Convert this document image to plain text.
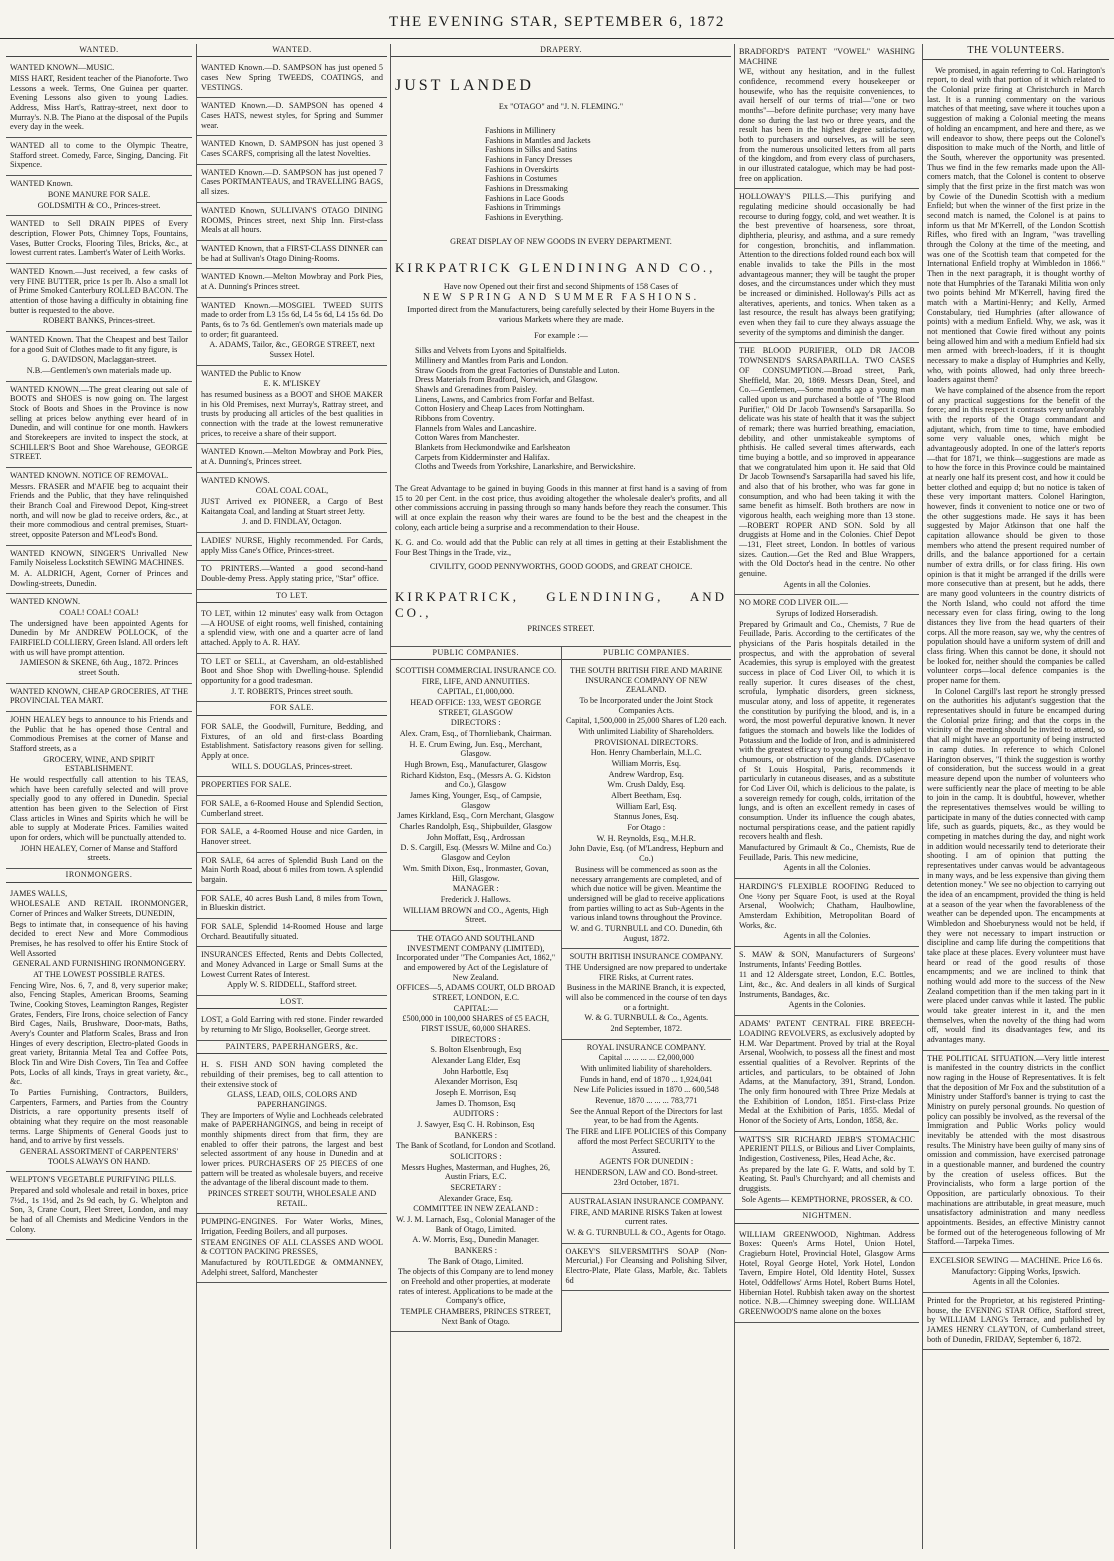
THE EVENING STAR, SEPTEMBER 6, 1872
WANTED.

WANTED KNOWN—MUSIC.

MISS HART, Resident teacher of the Pianoforte. Two Lessons a week. Terms, One Guinea per quarter. Evening Lessons also given to young Ladies. Address, Miss Hart's, Rattray-street, next door to Murray's. N.B. The Piano at the disposal of the Pupils every day in the week.

WANTED all to come to the Olympic Theatre, Stafford street. Comedy, Farce, Singing, Dancing. Fit Sixpence.

WANTED Known.

BONE MANURE FOR SALE.

GOLDSMITH & CO., Princes-street.

WANTED to Sell DRAIN PIPES of Every description, Flower Pots, Chimney Tops, Fountains, Vases, Butter Crocks, Flooring Tiles, Bricks, &c., at lowest current rates. Lambert's Water of Leith Works.

WANTED Known.—Just received, a few casks of very FINE BUTTER, price 1s per lb. Also a small lot of Prime Smoked Canterbury ROLLED BACON. The attention of those having a difficulty in obtaining fine butter is requested to the above.

ROBERT BANKS, Princes-street.

WANTED Known. That the Cheapest and best Tailor for a good Suit of Clothes made to fit any figure, is

G. DAVIDSON, Maclaggan-street.

N.B.—Gentlemen's own materials made up.

WANTED KNOWN.—The great clearing out sale of BOOTS and SHOES is now going on. The largest Stock of Boots and Shoes in the Province is now selling at prices below anything ever heard of in Dunedin, and will continue for one month. Hawkers and Storekeepers are invited to inspect the stock, at SCHILLER'S Boot and Shoe Warehouse, GEORGE STREET.

WANTED KNOWN. NOTICE OF REMOVAL.

Messrs. FRASER and M'AFIE beg to acquaint their Friends and the Public, that they have relinquished their Branch Coal and Firewood Depot, King-street north, and will now be glad to receive orders, &c., at their more commodious and central premises, Stuart-street, opposite Paterson and M'Leod's Bond.

WANTED KNOWN, SINGER'S Unrivalled New Family Noiseless Lockstitch SEWING MACHINES.

M. A. ALDRICH, Agent, Corner of Princes and Dowling-streets, Dunedin.

WANTED KNOWN.

COAL! COAL! COAL!

The undersigned have been appointed Agents for Dunedin by Mr ANDREW POLLOCK, of the FAIRFIELD COLLIERY, Green Island. All orders left with us will have prompt attention.

JAMIESON & SKENE, 6th Aug., 1872. Princes street South.

WANTED KNOWN, CHEAP GROCERIES, AT THE PROVINCIAL TEA MART.

JOHN HEALEY begs to announce to his Friends and the Public that he has opened those Central and Commodious Premises at the corner of Manse and Stafford streets, as a

GROCERY, WINE, AND SPIRIT ESTABLISHMENT.

He would respectfully call attention to his TEAS, which have been carefully selected and will prove specially good to any offered in Dunedin. Special attention has been given to the Selection of First Class articles in Wines and Spirits which he will be able to supply at Moderate Prices. Families waited upon for orders, which will be punctually attended to.

JOHN HEALEY, Corner of Manse and Stafford streets.

IRONMONGERS.

JAMES WALLS,

WHOLESALE AND RETAIL IRONMONGER, Corner of Princes and Walker Streets, DUNEDIN,

Begs to intimate that, in consequence of his having decided to erect New and More Commodious Premises, he has resolved to offer his Entire Stock of Well Assorted

GENERAL AND FURNISHING IRONMONGERY.

AT THE LOWEST POSSIBLE RATES.

Fencing Wire, Nos. 6, 7, and 8, very superior make; also, Fencing Staples, American Brooms, Seaming Twine, Cooking Stoves, Leamington Ranges, Register Grates, Fenders, Fire Irons, choice selection of Fancy Bird Cages, Nails, Brushware, Door-mats, Baths, Avery's Counter and Platform Scales, Brass and Iron Hinges of every description, Electro-plated Goods in great variety, Britannia Metal Tea and Coffee Pots, Block Tin and Wire Dish Covers, Tin Tea and Coffee Pots, Locks of all kinds, Trays in great variety, &c., &c.

To Parties Furnishing, Contractors, Builders, Carpenters, Farmers, and Parties from the Country Districts, a rare opportunity presents itself of obtaining what they require on the most reasonable terms. Large Shipments of General Goods just to hand, and to arrive by first vessels.

GENERAL ASSORTMENT of CARPENTERS' TOOLS ALWAYS ON HAND.

WELPTON'S VEGETABLE PURIFYING PILLS.

Prepared and sold wholesale and retail in boxes, price 7½d., 1s 1½d, and 2s 9d each, by G. Whelpton and Son, 3, Crane Court, Fleet Street, London, and may be had of all Chemists and Medicine Vendors in the Colony.

WANTED.

WANTED Known.—D. SAMPSON has just opened 5 cases New Spring TWEEDS, COATINGS, and VESTINGS.

WANTED Known.—D. SAMPSON has opened 4 Cases HATS, newest styles, for Spring and Summer wear.

WANTED Known, D. SAMPSON has just opened 3 Cases SCARFS, comprising all the latest Novelties.

WANTED Known.—D. SAMPSON has just opened 7 Cases PORTMANTEAUS, and TRAVELLING BAGS, all sizes.

WANTED Known, SULLIVAN'S OTAGO DINING ROOMS, Princes street, next Ship Inn. First-class Meals at all hours.

WANTED Known, that a FIRST-CLASS DINNER can be had at Sullivan's Otago Dining-Rooms.

WANTED Known.—Melton Mowbray and Pork Pies, at A. Dunning's Princes street.

WANTED Known.—MOSGIEL TWEED SUITS made to order from L3 15s 6d, L4 5s 6d, L4 15s 6d. Do Pants, 6s to 7s 6d. Gentlemen's own materials made up to order; fit guaranteed.

A. ADAMS, Tailor, &c., GEORGE STREET, next Sussex Hotel.

WANTED the Public to Know

E. K. M'LISKEY

has resumed business as a BOOT and SHOE MAKER in his Old Premises, next Murray's, Rattray street, and trusts by producing all articles of the best qualities in connection with the trade at the lowest remunerative prices, to receive a share of their support.

WANTED Known.—Melton Mowbray and Pork Pies, at A. Dunning's, Princes street.

WANTED KNOWS.

COAL COAL COAL,

JUST Arrived ex PIONEER, a Cargo of Best Kaitangata Coal, and landing at Stuart street Jetty.

J. and D. FINDLAY, Octagon.

LADIES' NURSE, Highly recommended. For Cards, apply Miss Cane's Office, Princes-street.

TO PRINTERS.—Wanted a good second-hand Double-demy Press. Apply stating price, "Star" office.

TO LET.

TO LET, within 12 minutes' easy walk from Octagon—A HOUSE of eight rooms, well finished, containing a splendid view, with one and a quarter acre of land attached. Apply to A. R. HAY.

TO LET or SELL, at Caversham, an old-established Boot and Shoe Shop with Dwelling-house. Splendid opportunity for a good tradesman.

J. T. ROBERTS, Princes street south.

FOR SALE.

FOR SALE, the Goodwill, Furniture, Bedding, and Fixtures, of an old and first-class Boarding Establishment. Satisfactory reasons given for selling. Apply at once.

WILL S. DOUGLAS, Princes-street.

PROPERTIES FOR SALE.

FOR SALE, a 6-Roomed House and Splendid Section, Cumberland street.

FOR SALE, a 4-Roomed House and nice Garden, in Hanover street.

FOR SALE, 64 acres of Splendid Bush Land on the Main North Road, about 6 miles from town. A splendid bargain.

FOR SALE, 40 acres Bush Land, 8 miles from Town, in Blueskin district.

FOR SALE, Splendid 14-Roomed House and large Orchard. Beautifully situated.

INSURANCES Effected, Rents and Debts Collected, and Money Advanced in Large or Small Sums at the Lowest Current Rates of Interest.

Apply W. S. RIDDELL, Stafford street.

LOST.

LOST, a Gold Earring with red stone. Finder rewarded by returning to Mr Sligo, Bookseller, George street.

PAINTERS, PAPERHANGERS, &c.

H. S. FISH AND SON having completed the rebuilding of their premises, beg to call attention to their extensive stock of

GLASS, LEAD, OILS, COLORS AND PAPERHANGINGS.

They are Importers of Wylie and Lochheads celebrated make of PAPERHANGINGS, and being in receipt of monthly shipments direct from that firm, they are enabled to offer their patrons, the largest and best selected assortment of any house in Dunedin and at lower prices. PURCHASERS OF 25 PIECES of one pattern will be treated as wholesale buyers, and receive the advantage of the liberal discount made to them.

PRINCES STREET SOUTH, WHOLESALE AND RETAIL.

PUMPING-ENGINES. For Water Works, Mines, Irrigation, Feeding Boilers, and all purposes.

STEAM ENGINES OF ALL CLASSES AND WOOL & COTTON PACKING PRESSES,

Manufactured by ROUTLEDGE & OMMANNEY, Adelphi street, Salford, Manchester

DRAPERY.

JUST LANDED

Ex "OTAGO" and "J. N. FLEMING."

Fashions in Millinery
Fashions in Mantles and Jackets
Fashions in Silks and Satins
Fashions in Fancy Dresses
Fashions in Overskirts
Fashions in Costumes
Fashions in Dressmaking
Fashions in Lace Goods
Fashions in Trimmings
Fashions in Everything.

GREAT DISPLAY OF NEW GOODS IN EVERY DEPARTMENT.

KIRKPATRICK GLENDINING AND CO.,

Have now Opened out their first and second Shipments of 158 Cases of

NEW SPRING AND SUMMER FASHIONS.

Imported direct from the Manufacturers, being carefully selected by their Home Buyers in the various Markets where they are made.

For example :—

Silks and Velvets from Lyons and Spitalfields.
Millinery and Mantles from Paris and London.
Straw Goods from the great Factories of Dunstable and Luton.
Dress Materials from Bradford, Norwich, and Glasgow.
Shawls and Grenadines from Paisley.
Linens, Lawns, and Cambrics from Forfar and Belfast.
Cotton Hosiery and Cheap Laces from Nottingham.
Ribbons from Coventry.
Flannels from Wales and Lancashire.
Cotton Wares from Manchester.
Blankets from Heckmondwike and Earlsheaton
Carpets from Kidderminster and Halifax.
Cloths and Tweeds from Yorkshire, Lanarkshire, and Berwickshire.

The Great Advantage to be gained in buying Goods in this manner at first hand is a saving of from 15 to 20 per Cent. in the cost price, thus avoiding altogether the wholesale dealer's profits, and all other commissions accruing in passing through so many hands before they reach the consumer. This will at once explain the reason why their wares are found to be the best and the cheapest in the colony, each article being a surprise and a recommendation to their House.

K. G. and Co. would add that the Public can rely at all times in getting at their Establishment the Four Best Things in the Trade, viz.,

CIVILITY, GOOD PENNYWORTHS, GOOD GOODS, and GREAT CHOICE.

KIRKPATRICK, GLENDINING, AND CO.,

PRINCES STREET.

PUBLIC COMPANIES.

SCOTTISH COMMERCIAL INSURANCE CO.

FIRE, LIFE, AND ANNUITIES.

CAPITAL, £1,000,000.

HEAD OFFICE: 133, WEST GEORGE STREET, GLASGOW

DIRECTORS :

Alex. Cram, Esq., of Thornliebank, Chairman.

H. E. Crum Ewing, Jun. Esq., Merchant, Glasgow.

Hugh Brown, Esq., Manufacturer, Glasgow

Richard Kidston, Esq., (Messrs A. G. Kidston and Co.), Glasgow

James King, Younger, Esq., of Campsie, Glasgow

James Kirkland, Esq., Corn Merchant, Glasgow

Charles Randolph, Esq., Shipbuilder, Glasgow

John Moffatt, Esq., Ardrossan

D. S. Cargill, Esq. (Messrs W. Milne and Co.) Glasgow and Ceylon

Wm. Smith Dixon, Esq., Ironmaster, Govan, Hill, Glasgow.

MANAGER :

Frederick J. Hallows.

WILLIAM BROWN and CO., Agents, High Street.

THE OTAGO AND SOUTHLAND INVESTMENT COMPANY (LIMITED), Incorporated under "The Companies Act, 1862," and empowered by Act of the Legislature of New Zealand.

OFFICES—5, ADAMS COURT, OLD BROAD STREET, LONDON, E.C.

CAPITAL:—

£500,000 in 100,000 SHARES of £5 EACH, FIRST ISSUE, 60,000 SHARES.

DIRECTORS :

S. Bolton Elsenbrough, Esq

Alexander Lang Elder, Esq

John Harbottle, Esq

Alexander Morrison, Esq

Joseph E. Morrison, Esq

James D. Thomson, Esq

AUDITORS :

J. Sawyer, Esq C. H. Robinson, Esq

BANKERS :

The Bank of Scotland, for London and Scotland.

SOLICITORS :

Messrs Hughes, Masterman, and Hughes, 26, Austin Friars, E.C.

SECRETARY :

Alexander Grace, Esq.

COMMITTEE IN NEW ZEALAND :

W. J. M. Larnach, Esq., Colonial Manager of the Bank of Otago, Limited.

A. W. Morris, Esq., Dunedin Manager.

BANKERS :

The Bank of Otago, Limited.

The objects of this Company are to lend money on Freehold and other properties, at moderate rates of interest. Applications to be made at the Company's office,

TEMPLE CHAMBERS, PRINCES STREET, Next Bank of Otago.

PUBLIC COMPANIES.

THE SOUTH BRITISH FIRE AND MARINE INSURANCE COMPANY OF NEW ZEALAND.

To be Incorporated under the Joint Stock Companies Acts.

Capital, 1,500,000 in 25,000 Shares of L20 each.

With unlimited Liability of Shareholders.

PROVISIONAL DIRECTORS.

Hon. Henry Chamberlain, M.L.C.

William Morris, Esq.

Andrew Wardrop, Esq.

Wm. Crush Daldy, Esq.

Albert Beetham, Esq.

William Earl, Esq.

Stannus Jones, Esq.

For Otago :

W. H. Reynolds, Esq., M.H.R.

John Davie, Esq. (of M'Landress, Hepburn and Co.)

Business will be commenced as soon as the necessary arrangements are completed, and of which due notice will be given. Meantime the undersigned will be glad to receive applications from parties willing to act as Sub-Agents in the various inland towns throughout the Province.

W. and G. TURNBULL and CO. Dunedin, 6th August, 1872.

SOUTH BRITISH INSURANCE COMPANY.

THE Undersigned are now prepared to undertake FIRE Risks, at Current rates.

Business in the MARINE Branch, it is expected, will also be commenced in the course of ten days or a fortnight.

W. & G. TURNBULL & Co., Agents.

2nd September, 1872.

ROYAL INSURANCE COMPANY.

Capital ... ... ... ... £2,000,000

With unlimited liability of shareholders.

Funds in hand, end of 1870 ... 1,924,041

New Life Policies issued in 1870 ... 600,548

Revenue, 1870 ... ... ... 783,771

See the Annual Report of the Directors for last year, to be had from the Agents.

The FIRE and LIFE POLICIES of this Company afford the most Perfect SECURITY to the Assured.

AGENTS FOR DUNEDIN :

HENDERSON, LAW and CO. Bond-street.

23rd October, 1871.

AUSTRALASIAN INSURANCE COMPANY.

FIRE, AND MARINE RISKS Taken at lowest current rates.

W. & G. TURNBULL & CO., Agents for Otago.

OAKEY'S SILVERSMITH'S SOAP (Non-Mercurial,) For Cleansing and Polishing Silver, Electro-Plate, Plate Glass, Marble, &c. Tablets 6d

BRADFORD'S PATENT "VOWEL" WASHING MACHINE

WE, without any hesitation, and in the fullest confidence, recommend every housekeeper or housewife, who has the requisite conveniences, to avail herself of our terms of trial—"one or two months"—before definite purchase; very many have done so during the last two or three years, and the result has been in the highest degree satisfactory, both to purchasers and ourselves, as will be seen from the numerous unsolicited letters from all parts of the kingdom, and from every class of purchasers, in our illustrated catalogue, which may be had post-free on application.

HOLLOWAY'S PILLS.—This purifying and regulating medicine should occasionally be had recourse to during foggy, cold, and wet weather. It is the best preventive of hoarseness, sore throat, diphtheria, pleurisy, and asthma, and a sure remedy for congestion, bronchitis, and inflammation. Attention to the directions folded round each box will enable invalids to take the Pills in the most advantageous manner; they will be taught the proper doses, and the circumstances under which they must be increased or diminished. Holloway's Pills act as alteratives, aperients, and tonics. When taken as a last resource, the result has always been gratifying; even when they fail to cure they always assuage the severity of the symptoms and diminish the danger.

THE BLOOD PURIFIER, OLD DR JACOB TOWNSEND'S SARSAPARILLA. TWO CASES OF CONSUMPTION.—Broad street, Park, Sheffield, Mar. 20, 1869. Messrs Dean, Steel, and Co.—Gentlemen,—Some months ago a young man called upon us and purchased a bottle of "The Blood Purifier," Old Dr Jacob Townsend's Sarsaparilla. So delicate was his state of health that it was the subject of remark; there was hurried breathing, emaciation, debility, and other unmistakeable symptoms of phthisis. He called several times afterwards, each time buying a bottle, and so improved in appearance that we congratulated him upon it. He said that Old Dr Jacob Townsend's Sarsaparilla had saved his life, and also that of his brother, who was far gone in consumption, and who had been taking it with the same benefit as himself. Both brothers are now in vigorous health, each weighing more than 13 stone.—ROBERT ROPER AND SON. Sold by all druggists at Home and in the Colonies. Chief Depot—131, Fleet street, London. In bottles of various sizes. Caution.—Get the Red and Blue Wrappers, with the Old Doctor's head in the centre. No other genuine.

Agents in all the Colonies.

NO MORE COD LIVER OIL.—

Syrups of Iodized Horseradish.

Prepared by Grimault and Co., Chemists, 7 Rue de Feuillade, Paris. According to the certificates of the physicians of the Paris hospitals detailed in the prospectus, and with the approbation of several Academies, this syrup is employed with the greatest success in place of Cod Liver Oil, to which it is really superior. It cures diseases of the chest, scrofula, lymphatic disorders, green sickness, muscular atony, and loss of appetite, it regenerates the constitution by purifying the blood, and is, in a word, the most powerful depurative known. It never fatigues the stomach and bowels like the Iodides of Potassium and the Iodide of Iron, and is administered with the greatest efficacy to young children subject to chumours, or obstruction of the glands. D'Casenave of St Louis Hospital, Paris, recommends it particularly in cutaneous diseases, and as a substitute for Cod Liver Oil, which is delicious to the palate, is a sovereign remedy for cough, colds, irritation of the lungs, and is often an excellent remedy in cases of consumption. Under its influence the cough abates, nocturnal perspirations cease, and the patient rapidly recovers health and flesh.

Manufactured by Grimault & Co., Chemists, Rue de Feuillade, Paris. This new medicine,

Agents in all the Colonies.

HARDING'S FLEXIBLE ROOFING Reduced to One ½ony per Square Foot, is used at the Royal Arsenal, Woolwich; Chatham, Haulbowline, Amsterdam Exhibition, Metropolitan Board of Works, &c.

Agents in all the Colonies.

S. MAW & SON, Manufacturers of Surgeons' Instruments, Infants' Feeding Bottles.

11 and 12 Aldersgate street, London, E.C. Bottles, Lint, &c., &c. And dealers in all kinds of Surgical Instruments, Bandages, &c.

Agents in the Colonies.

ADAMS' PATENT CENTRAL FIRE BREECH-LOADING REVOLVERS, as exclusively adopted by H.M. War Department. Proved by trial at the Royal Arsenal, Woolwich, to possess all the finest and most essential qualities of a Revolver. Reprints of the articles, and particulars, to be obtained of John Adams, at the Manufactory, 391, Strand, London. The only firm honoured with Three Prize Medals at the Exhibition of London, 1851. First-class Prize Medal at the Exhibition of Paris, 1855. Medal of Honor of the Society of Arts, London, 1858, &c.

WATTS'S SIR RICHARD JEBB'S STOMACHIC APERIENT PILLS, or Bilious and Liver Complaints, Indigestion, Costiveness, Piles, Head Ache, &c.

As prepared by the late G. F. Watts, and sold by T. Keating, St. Paul's Churchyard; and all chemists and druggists.

Sole Agents— KEMPTHORNE, PROSSER, & CO.

NIGHTMEN.

WILLIAM GREENWOOD, Nightman. Address Boxes: Queen's Arms Hotel, Union Hotel, Cragieburn Hotel, Provincial Hotel, Glasgow Arms Hotel, Royal George Hotel, York Hotel, London Tavern, Empire Hotel, Old Identity Hotel, Sussex Hotel, Oddfellows' Arms Hotel, Robert Burns Hotel, Hibernian Hotel. Rubbish taken away on the shortest notice. N.B.—Chimney sweeping done. WILLIAM GREENWOOD'S name alone on the boxes

THE VOLUNTEERS.

We promised, in again referring to Col. Harington's report, to deal with that portion of it which related to the Colonial prize firing at Christchurch in March last. It is a running commentary on the various matches of that meeting, save where it touches upon a suggestion of making a Colonial meeting the means of holding an encampment, and here and there, as we will endeavor to show, there peeps out the Colonel's disposition to make much of the North, and little of the South, wherever the opportunity was presented. Thus we find in the few remarks made upon the All-comers match, that the Colonel is content to observe simply that the first prize in the first match was won by Cowie of the Dunedin Scottish with a medium Enfield; but when the winner of the first prize in the second match is named, the Colonel is at pains to inform us that Mr M'Kerrell, of the London Scottish Rifles, who fired with an Ingram, "was travelling through the Colony at the time of the meeting, and was one of the Scottish team that competed for the International Enfield trophy at Wimbledon in 1866." Then in the next paragraph, it is thought worthy of note that Humphries of the Taranaki Militia won only two points behind Mr M'Kerrell, having fired the match with a Martini-Henry; and Kelly, Armed Constabulary, tied Humphries (after allowance of points) with a medium Enfield. Why, we ask, was it not mentioned that Cowie fired without any points being allowed him and with a medium Enfield had six men armed with breech-loaders, if it is thought necessary to make a display of Humphries and Kelly, who, with points allowed, had only three breech-loaders against them?

We have complained of the absence from the report of any practical suggestions for the benefit of the force; and in this respect it contrasts very unfavorably with the reports of the Otago commandant and adjutant, which, from time to time, have embodied some very valuable ones, which might be advantageously adopted. In one of the latter's reports—that for 1871, we think—suggestions are made as to how the force in this Province could be maintained at nearly one half its present cost, and how it could be better clothed and equipp d; but no notice is taken of these very important matters. Colonel Harington, however, finds it convenient to notice one or two of the other suggestions made. He says it has been suggested by Major Atkinson that one half the capitation allowance should be given to those members who attend the present required number of drills, and the balance apportioned for a certain number of extra drills, or for class firing. His own opinion is that it might be arranged if the drills were more consecutive than at present, but he adds, there are many good volunteers in the country districts of the North Island, who could not afford the time necessary even for class firing, owing to the long distances they live from the head quarters of their corps. All the more reason, say we, why the centres of population should have a uniform system of drill and class firing. When this cannot be done, it should not be looked for, neither should the companies be called volunteer corps—local defence companies is the proper name for them.

In Colonel Cargill's last report he strongly pressed on the authorities his adjutant's suggestion that the representatives should in future be encamped during the Colonial prize firing; and that the corps in the vicinity of the meeting should be invited to attend, so that all might have an opportunity of being instructed in camp duties. In reference to which Colonel Harington observes, "I think the suggestion is worthy of consideration, but the success would in a great measure depend upon the number of volunteers who were sufficiently near the place of meeting to be able to join in the camp. It is doubtful, however, whether the representatives themselves would be willing to participate in many of the duties connected with camp life, such as guards, piquets, &c., as they would be competing in matches during the day, and night work in addition would necessarily tend to deteriorate their shooting. I am of opinion that putting the representatives under canvas would be advantageous in many ways, and be less expensive than giving them detention money." We see no objection to carrying out the idea of an encampment, provided the thing is held at a season of the year when the favorableness of the weather can be depended upon. The encampments at Wimbledon and Shoeburyness would not be held, if they were not necessary to impart instruction or discipline and camp life during the competitions that take place at these places. Every volunteer must have heard or read of the good results of those encampments; and we are inclined to think that nothing would add more to the success of the New Zealand competition than if the men taking part in it were placed under canvas while it lasted. The public would take greater interest in it, and the men themselves, when the novelty of the thing had worn off, would find its disadvantages few, and its advantages many.

THE POLITICAL SITUATION.—Very little interest is manifested in the country districts in the conflict now raging in the House of Representatives. It is felt that the deposition of Mr Fox and the substitution of a Ministry under Stafford's banner is trying to cast the Ministry on purely personal grounds. No question of policy can possibly be involved, as the reversal of the Immigration and Public Works policy would inevitably be attended with the most disastrous results. The Ministry have been guilty of many sins of omission and commission, have exercised patronage in a questionable manner, and burdened the country by the creation of useless offices. But the Provincialists, who form a large portion of the Opposition, are particularly obnoxious. To their machinations are attributable, in great measure, much unsatisfactory administration and many needless appointments. Besides, an effective Ministry cannot be formed out of the heterogeneous following of Mr Stafford.—Tarpeka Times.

EXCELSIOR SEWING — MACHINE. Price L6 6s.

Manufactory: Gipping Works, Ipswich.

Agents in all the Colonies.

Printed for the Proprietor, at his registered Printing-house, the EVENING STAR Office, Stafford street, by WILLIAM LANG's Terrace, and published by JAMES HENRY CLAYTON, of Cumberland street, both of Dunedin, FRIDAY, September 6, 1872.
